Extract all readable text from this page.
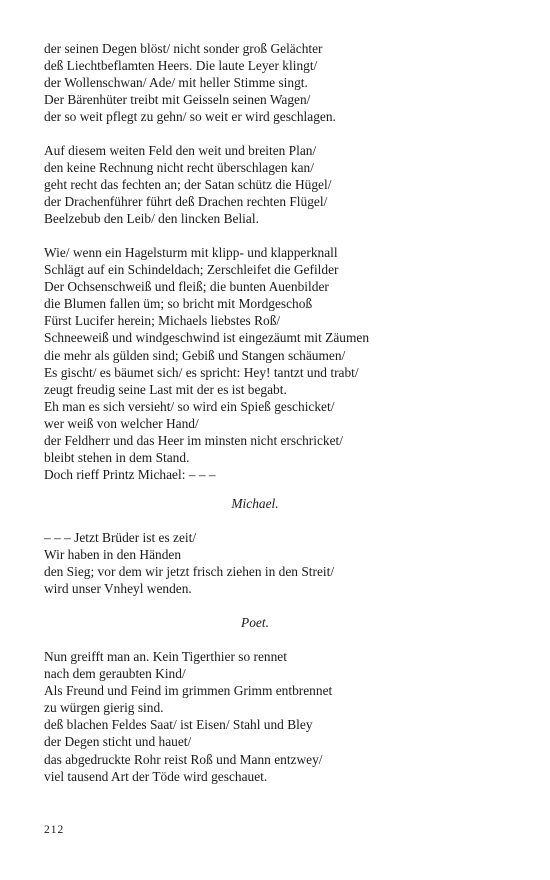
der seinen Degen blöst/ nicht sonder groß Gelächter
deß Liechtbeflamten Heers. Die laute Leyer klingt/
der Wollenschwan/ Ade/ mit heller Stimme singt.
Der Bärenhüter treibt mit Geisseln seinen Wagen/
der so weit pflegt zu gehn/ so weit er wird geschlagen.
Auf diesem weiten Feld den weit und breiten Plan/
den keine Rechnung nicht recht überschlagen kan/
geht recht das fechten an; der Satan schütz die Hügel/
der Drachenführer führt deß Drachen rechten Flügel/
Beelzebub den Leib/ den lincken Belial.
Wie/ wenn ein Hagelsturm mit klipp- und klapperknall
Schlägt auf ein Schindeldach; Zerschleifet die Gefilder
Der Ochsenschweiß und fleiß; die bunten Auenbilder
die Blumen fallen üm; so bricht mit Mordgeschoß
Fürst Lucifer herein; Michaels liebstes Roß/
Schneeweiß und windgeschwind ist eingezäumt mit Zäumen
die mehr als gülden sind; Gebiß und Stangen schäumen/
Es gischt/ es bäumet sich/ es spricht: Hey! tantzt und trabt/
zeugt freudig seine Last mit der es ist begabt.
Eh man es sich versieht/ so wird ein Spieß geschicket/
wer weiß von welcher Hand/
der Feldherr und das Heer im minsten nicht erschricket/
bleibt stehen in dem Stand.
Doch rieff Printz Michael: – – –
Michael.
– – – Jetzt Brüder ist es zeit/
Wir haben in den Händen
den Sieg; vor dem wir jetzt frisch ziehen in den Streit/
wird unser Vnheyl wenden.
Poet.
Nun greifft man an. Kein Tigerthier so rennet
nach dem geraubten Kind/
Als Freund und Feind im grimmen Grimm entbrennet
zu würgen gierig sind.
deß blachen Feldes Saat/ ist Eisen/ Stahl und Bley
der Degen sticht und hauet/
das abgedruckte Rohr reist Roß und Mann entzwey/
viel tausend Art der Töde wird geschauet.
212
